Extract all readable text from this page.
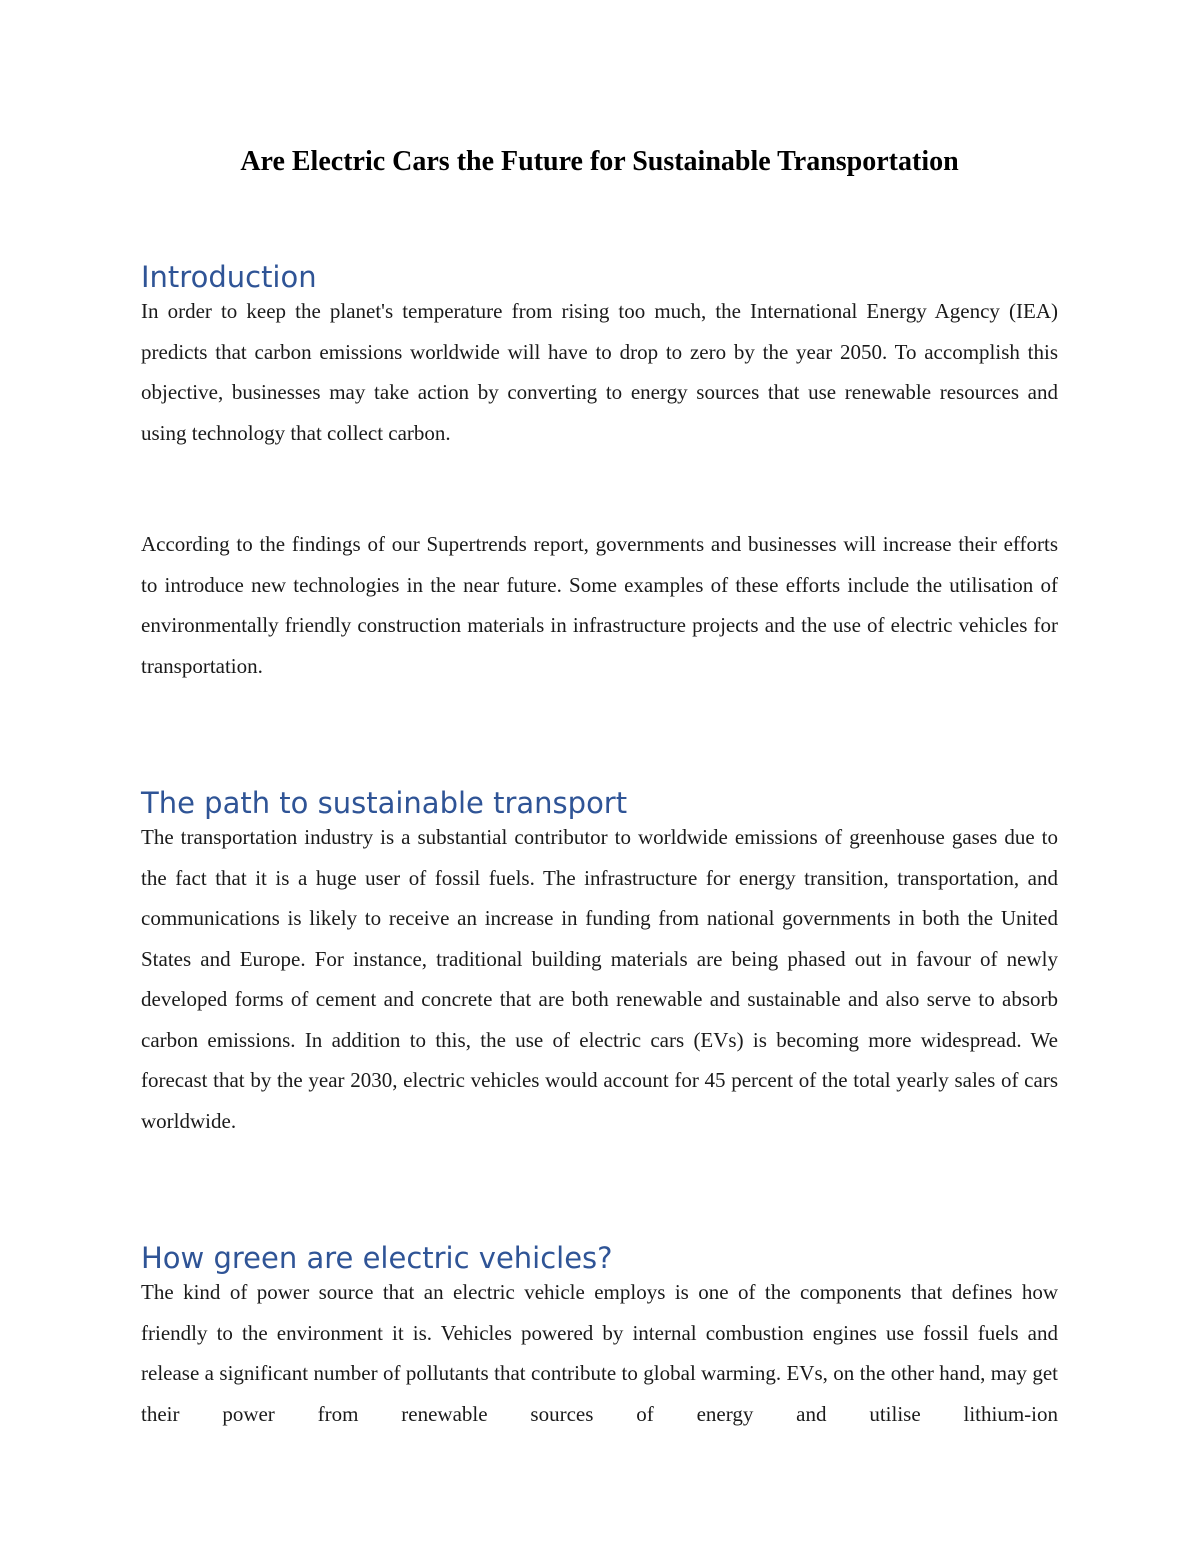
Are Electric Cars the Future for Sustainable Transportation
Introduction

In order to keep the planet's temperature from rising too much, the International Energy Agency (IEA) predicts that carbon emissions worldwide will have to drop to zero by the year 2050. To accomplish this objective, businesses may take action by converting to energy sources that use renewable resources and using technology that collect carbon.

According to the findings of our Supertrends report, governments and businesses will increase their efforts to introduce new technologies in the near future. Some examples of these efforts include the utilisation of environmentally friendly construction materials in infrastructure projects and the use of electric vehicles for transportation.

The path to sustainable transport

The transportation industry is a substantial contributor to worldwide emissions of greenhouse gases due to the fact that it is a huge user of fossil fuels. The infrastructure for energy transition, transportation, and communications is likely to receive an increase in funding from national governments in both the United States and Europe. For instance, traditional building materials are being phased out in favour of newly developed forms of cement and concrete that are both renewable and sustainable and also serve to absorb carbon emissions. In addition to this, the use of electric cars (EVs) is becoming more widespread. We forecast that by the year 2030, electric vehicles would account for 45 percent of the total yearly sales of cars worldwide.

How green are electric vehicles?

The kind of power source that an electric vehicle employs is one of the components that defines how friendly to the environment it is. Vehicles powered by internal combustion engines use fossil fuels and release a significant number of pollutants that contribute to global warming. EVs, on the other hand, may get their power from renewable sources of energy and utilise lithium-ion
